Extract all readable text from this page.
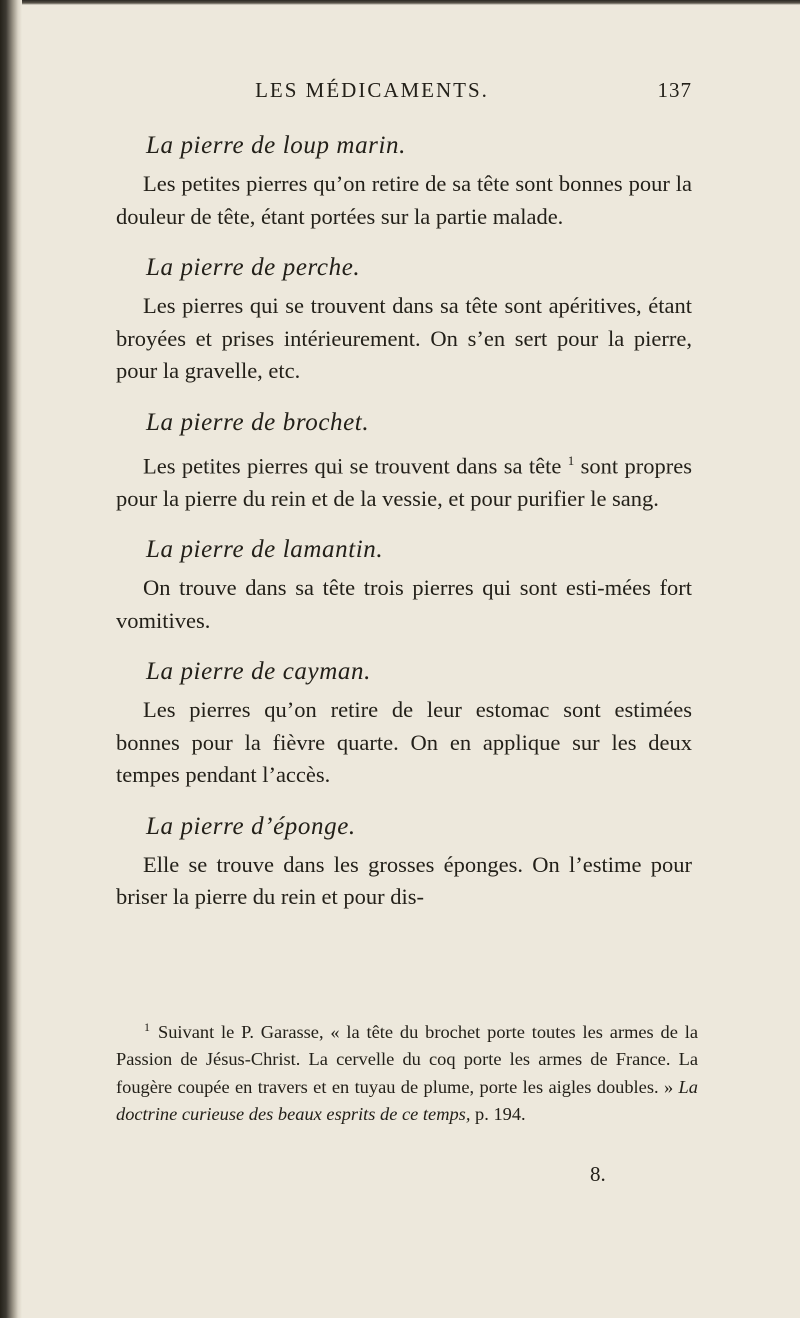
LES MÉDICAMENTS.	137
La pierre de loup marin.

Les petites pierres qu’on retire de sa tête sont bonnes pour la douleur de tête, étant portées sur la partie malade.

La pierre de perche.

Les pierres qui se trouvent dans sa tête sont apéritives, étant broyées et prises intérieurement. On s’en sert pour la pierre, pour la gravelle, etc.

La pierre de brochet.

Les petites pierres qui se trouvent dans sa tête $^1$ sont propres pour la pierre du rein et de la vessie, et pour purifier le sang.

La pierre de lamantin.

On trouve dans sa tête trois pierres qui sont esti-mées fort vomitives.

La pierre de cayman.

Les pierres qu’on retire de leur estomac sont estimées bonnes pour la fièvre quarte. On en applique sur les deux tempes pendant l’accès.

La pierre d’éponge.

Elle se trouve dans les grosses éponges. On l’estime pour briser la pierre du rein et pour dis-

$^1$ Suivant le P. Garasse, « la tête du brochet porte toutes les armes de la Passion de Jésus-Christ. La cervelle du coq porte les armes de France. La fougère coupée en travers et en tuyau de plume, porte les aigles doubles. » La doctrine curieuse des beaux esprits de ce temps, p. 194.
8.
